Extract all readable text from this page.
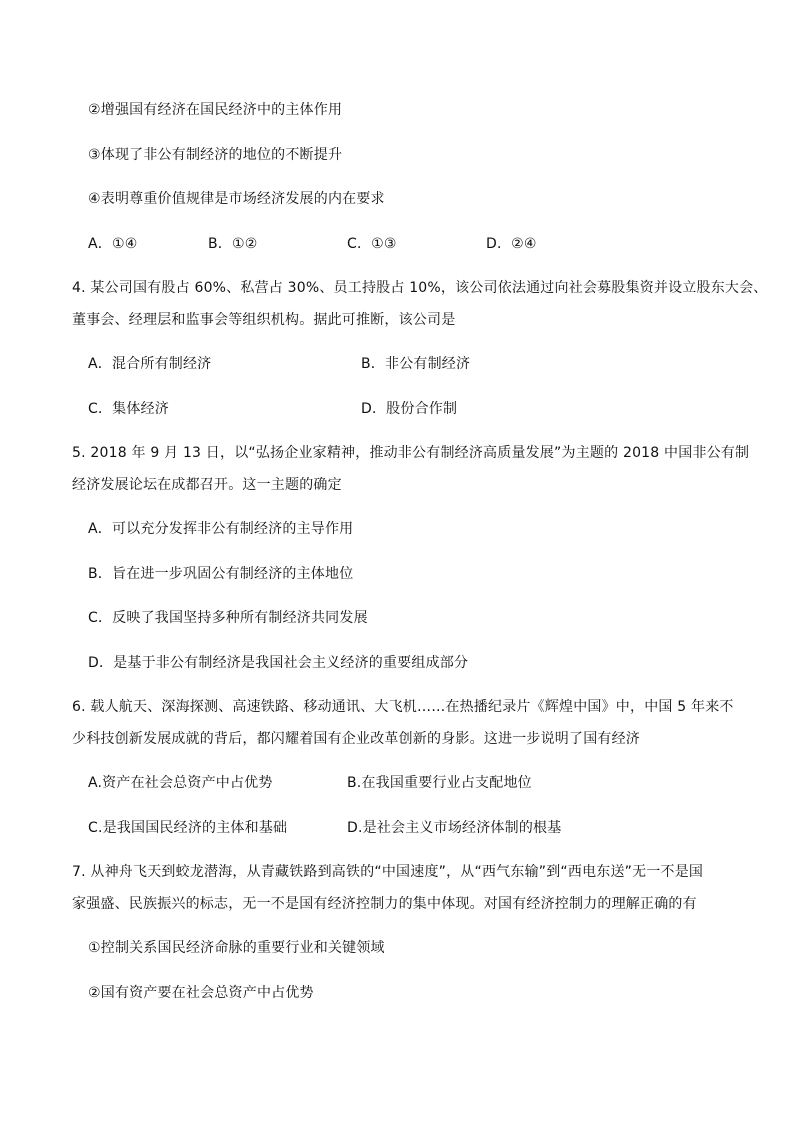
②增强国有经济在国民经济中的主体作用
③体现了非公有制经济的地位的不断提升
④表明尊重价值规律是市场经济发展的内在要求
A．①④	B．①②	C．①③	D．②④
4. 某公司国有股占 60%、私营占 30%、员工持股占 10%，该公司依法通过向社会募股集资并设立股东大会、
董事会、经理层和监事会等组织机构。据此可推断，该公司是
A．混合所有制经济	B．非公有制经济
C．集体经济	D．股份合作制
5. 2018 年 9 月 13 日，以“弘扬企业家精神，推动非公有制经济高质量发展”为主题的 2018 中国非公有制
经济发展论坛在成都召开。这一主题的确定
A．可以充分发挥非公有制经济的主导作用
B．旨在进一步巩固公有制经济的主体地位
C．反映了我国坚持多种所有制经济共同发展
D．是基于非公有制经济是我国社会主义经济的重要组成部分
6. 载人航天、深海探测、高速铁路、移动通讯、大飞机……在热播纪录片《辉煌中国》中，中国 5 年来不
少科技创新发展成就的背后，都闪耀着国有企业改革创新的身影。这进一步说明了国有经济
A.资产在社会总资产中占优势	B.在我国重要行业占支配地位
C.是我国国民经济的主体和基础	D.是社会主义市场经济体制的根基
7. 从神舟飞天到蛟龙潜海，从青藏铁路到高铁的“中国速度”，从“西气东输”到“西电东送”无一不是国
家强盛、民族振兴的标志，无一不是国有经济控制力的集中体现。对国有经济控制力的理解正确的有
①控制关系国民经济命脉的重要行业和关键领域
②国有资产要在社会总资产中占优势
